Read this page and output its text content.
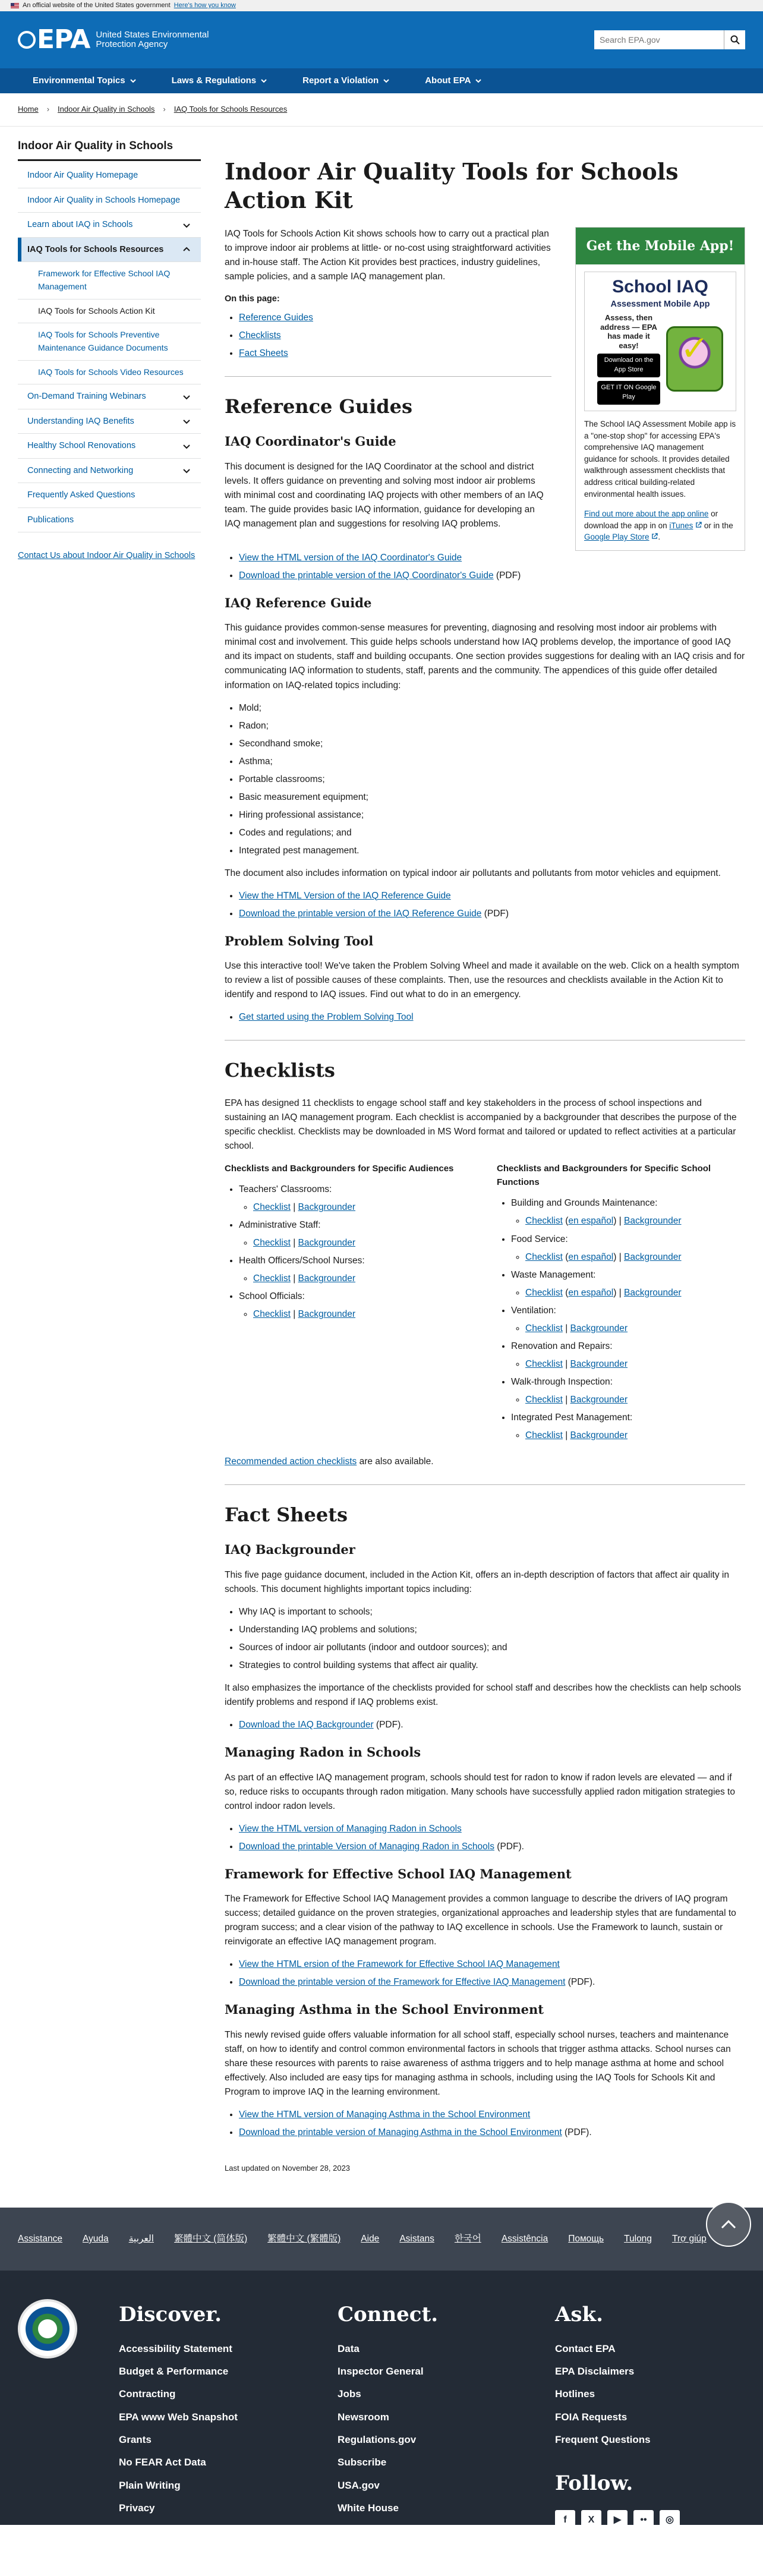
An official website of the United States government Here's how you know
EPA United States Environmental Protection Agency
Search EPA.gov
Environmental Topics	Laws & Regulations	Report a Violation	About EPA
Home › Indoor Air Quality in Schools › IAQ Tools for Schools Resources
Indoor Air Quality in Schools
Indoor Air Quality Homepage
Indoor Air Quality in Schools Homepage
Learn about IAQ in Schools
IAQ Tools for Schools Resources
Framework for Effective School IAQ Management
IAQ Tools for Schools Action Kit
IAQ Tools for Schools Preventive Maintenance Guidance Documents
IAQ Tools for Schools Video Resources
On-Demand Training Webinars
Understanding IAQ Benefits
Healthy School Renovations
Connecting and Networking
Frequently Asked Questions
Publications
Contact Us about Indoor Air Quality in Schools
Indoor Air Quality Tools for Schools Action Kit

IAQ Tools for Schools Action Kit shows schools how to carry out a practical plan to improve indoor air problems at little- or no-cost using straightforward activities and in-house staff. The Action Kit provides best practices, industry guidelines, sample policies, and a sample IAQ management plan.

On this page:

• Reference Guides
• Checklists
• Fact Sheets
Reference Guides
IAQ Coordinator's Guide

This document is designed for the IAQ Coordinator at the school and district levels. It offers guidance on preventing and solving most indoor air problems with minimal cost and coordinating IAQ projects with other members of an IAQ team. The guide provides basic IAQ information, guidance for developing an IAQ management plan and suggestions for resolving IAQ problems.

Get the Mobile App!
School IAQ
Assessment Mobile App
Assess, then address — EPA has made it easy!
Download on the App Store
GET IT ON Google Play
✓

The School IAQ Assessment Mobile app is a "one-stop shop" for accessing EPA's comprehensive IAQ management guidance for schools. It provides detailed walkthrough assessment checklists that address critical building-related environmental health issues.

Find out more about the app online or download the app in on iTunes  or in the Google Play Store .

• View the HTML version of the IAQ Coordinator's Guide
• Download the printable version of the IAQ Coordinator's Guide (PDF)
IAQ Reference Guide

This guidance provides common-sense measures for preventing, diagnosing and resolving most indoor air problems with minimal cost and involvement. This guide helps schools understand how IAQ problems develop, the importance of good IAQ and its impact on students, staff and building occupants. One section provides suggestions for dealing with an IAQ crisis and for communicating IAQ information to students, staff, parents and the community. The appendices of this guide offer detailed information on IAQ-related topics including:

• Mold;
• Radon;
• Secondhand smoke;
• Asthma;
• Portable classrooms;
• Basic measurement equipment;
• Hiring professional assistance;
• Codes and regulations; and
• Integrated pest management.

The document also includes information on typical indoor air pollutants and pollutants from motor vehicles and equipment.

• View the HTML Version of the IAQ Reference Guide
• Download the printable version of the IAQ Reference Guide (PDF)
Problem Solving Tool

Use this interactive tool! We've taken the Problem Solving Wheel and made it available on the web. Click on a health symptom to review a list of possible causes of these complaints. Then, use the resources and checklists available in the Action Kit to identify and respond to IAQ issues. Find out what to do in an emergency.

• Get started using the Problem Solving Tool
Checklists

EPA has designed 11 checklists to engage school staff and key stakeholders in the process of school inspections and sustaining an IAQ management program. Each checklist is accompanied by a backgrounder that describes the purpose of the specific checklist. Checklists may be downloaded in MS Word format and tailored or updated to reflect activities at a particular school.

Checklists and Backgrounders for Specific Audiences
• Teachers' Classrooms:
◦ Checklist | Backgrounder
• Administrative Staff:
◦ Checklist | Backgrounder
• Health Officers/School Nurses:
◦ Checklist | Backgrounder
• School Officials:
◦ Checklist | Backgrounder
Checklists and Backgrounders for Specific School Functions
• Building and Grounds Maintenance:
◦ Checklist (en español) | Backgrounder
• Food Service:
◦ Checklist (en español) | Backgrounder
• Waste Management:
◦ Checklist (en español) | Backgrounder
• Ventilation:
◦ Checklist | Backgrounder
• Renovation and Repairs:
◦ Checklist | Backgrounder
• Walk-through Inspection:
◦ Checklist | Backgrounder
• Integrated Pest Management:
◦ Checklist | Backgrounder

Recommended action checklists are also available.

Fact Sheets
IAQ Backgrounder

This five page guidance document, included in the Action Kit, offers an in-depth description of factors that affect air quality in schools. This document highlights important topics including:

• Why IAQ is important to schools;
• Understanding IAQ problems and solutions;
• Sources of indoor air pollutants (indoor and outdoor sources); and
• Strategies to control building systems that affect air quality.

It also emphasizes the importance of the checklists provided for school staff and describes how the checklists can help schools identify problems and respond if IAQ problems exist.

• Download the IAQ Backgrounder (PDF).
Managing Radon in Schools

As part of an effective IAQ management program, schools should test for radon to know if radon levels are elevated — and if so, reduce risks to occupants through radon mitigation. Many schools have successfully applied radon mitigation strategies to control indoor radon levels.

• View the HTML version of Managing Radon in Schools
• Download the printable Version of Managing Radon in Schools (PDF).
Framework for Effective School IAQ Management

The Framework for Effective School IAQ Management provides a common language to describe the drivers of IAQ program success; detailed guidance on the proven strategies, organizational approaches and leadership styles that are fundamental to program success; and a clear vision of the pathway to IAQ excellence in schools. Use the Framework to launch, sustain or reinvigorate an effective IAQ management program.

• View the HTML ersion of the Framework for Effective School IAQ Management
• Download the printable version of the Framework for Effective IAQ Management (PDF).
Managing Asthma in the School Environment

This newly revised guide offers valuable information for all school staff, especially school nurses, teachers and maintenance staff, on how to identify and control common environmental factors in schools that trigger asthma attacks. School nurses can share these resources with parents to raise awareness of asthma triggers and to help manage asthma at home and school effectively. Also included are easy tips for managing asthma in schools, including using the IAQ Tools for Schools Kit and Program to improve IAQ in the learning environment.

• View the HTML version of Managing Asthma in the School Environment
• Download the printable version of Managing Asthma in the School Environment (PDF).

Last updated on November 28, 2023

Assistance Ayuda العربية 繁體中文 (简体版) 繁體中文 (繁體版) Aide Asistans 한국어 Assistência Помощь Tulong Trợ giúp
Discover.
Accessibility Statement
Budget & Performance
Contracting
EPA www Web Snapshot
Grants
No FEAR Act Data
Plain Writing
Privacy
Privacy and Security Notice
Connect.
Data
Inspector General
Jobs
Newsroom
Regulations.gov
Subscribe
USA.gov
White House
Ask.
Contact EPA
EPA Disclaimers
Hotlines
FOIA Requests
Frequent Questions
Follow.
f	X	▶	••	◎
